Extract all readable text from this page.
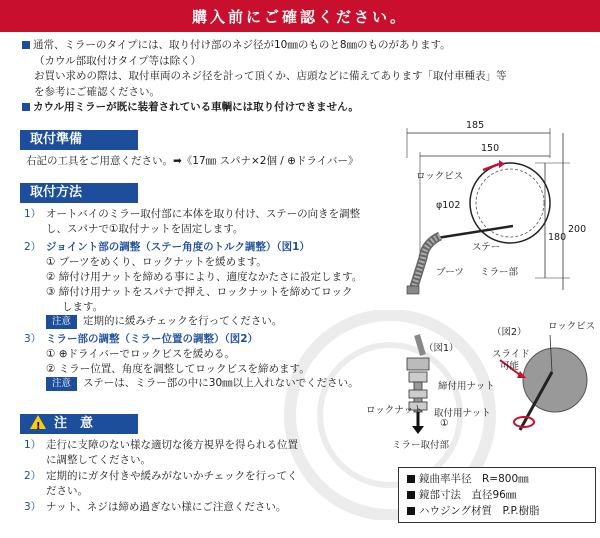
購入前にご確認ください。
通常、ミラーのタイプには、取り付け部のネジ径が10㎜のものと8㎜のものがあります。
（カウル部取付けタイプ等は除く）
お買い求めの際は、取付車両のネジ径を計って頂くか、店頭などに備えてあります「取付車種表」等
を参考にご確認ください。
カウル用ミラーが既に装着されている車輌には取り付けできません。
取付準備
右記の工具をご用意ください。➡《17㎜ スパナ×2個 / ⊕ドライバー》
取付方法
1） オートバイのミラー取付部に本体を取り付け、ステーの向きを調整
し、スパナで①取付ナットを固定します。
2） ジョイント部の調整（ステー角度のトルク調整）（図1）
① ブーツをめくり、ロックナットを緩めます。
② 締付け用ナットを締める事により、適度なかたさに設定します。
③ 締付け用ナットをスパナで押え、ロックナットを締めてロック
します。
注意 定期的に緩みチェックを行ってください。
3） ミラー部の調整（ミラー位置の調整）（図2）
① ⊕ドライバーでロックビスを緩める。
② ミラー位置、角度を調整してロックビスを締めます。
注意 ステーは、ミラー部の中に30㎜以上入れないでください。
!注　意
1） 走行に支障のない様な適切な後方視界を得られる位置
に調整してください。
2） 定期的にガタ付きや緩みがないかチェックを行ってく
ださい。
3） ナット、ネジは締め過ぎない様にご注意ください。
185
150
180
200
ロックビス
φ102
ステー
ブーツ ミラー部
（図1）
締付用ナット
ロックナット 取付用ナット
①
ミラー取付部
（図2）
ロックビス
スライド
可能
鏡曲率半径　R=800㎜
鏡部寸法　直径96㎜
ハウジング材質　P.P.樹脂
